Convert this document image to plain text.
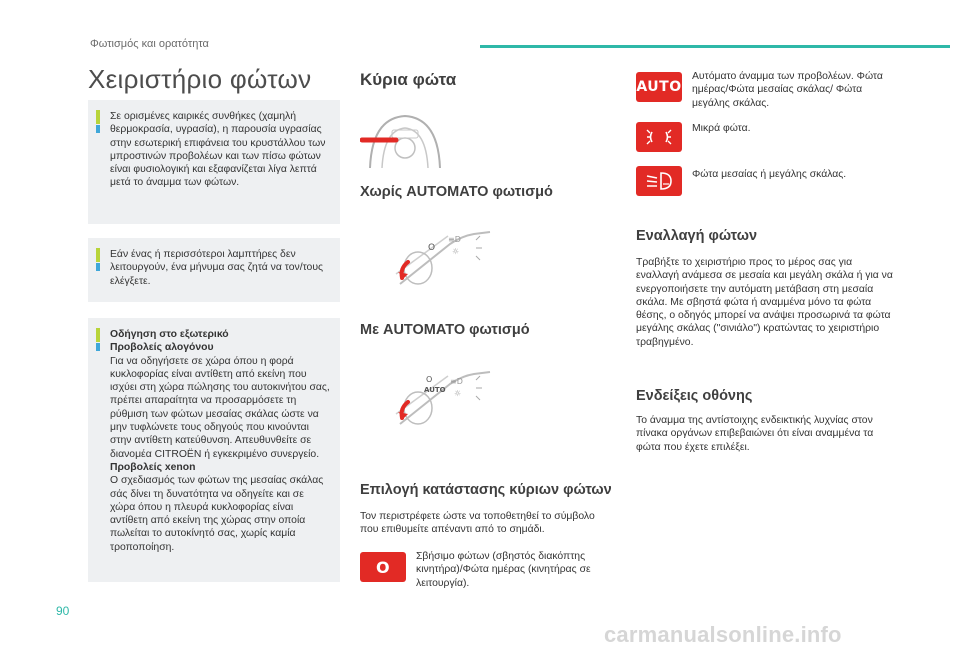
Φωτισμός και ορατότητα
Χειριστήριο φώτων

Σε ορισμένες καιρικές συνθήκες (χαμηλή θερμοκρασία, υγρασία), η παρουσία υγρασίας στην εσωτερική επιφάνεια του κρυστάλλου των μπροστινών προβολέων και των πίσω φώτων είναι φυσιολογική και εξαφανίζεται λίγα λεπτά μετά το άναμμα των φώτων.

Εάν ένας ή περισσότεροι λαμπτήρες δεν λειτουργούν, ένα μήνυμα σας ζητά να τον/τους ελέγξετε.

Οδήγηση στο εξωτερικό

Προβολείς αλογόνου

Για να οδηγήσετε σε χώρα όπου η φορά κυκλοφορίας είναι αντίθετη από εκείνη που ισχύει στη χώρα πώλησης του αυτοκινήτου σας, πρέπει απαραίτητα να προσαρμόσετε τη ρύθμιση των φώτων μεσαίας σκάλας ώστε να μην τυφλώνετε τους οδηγούς που κινούνται στην αντίθετη κατεύθυνση. Απευθυνθείτε σε διανομέα CITROËN ή εγκεκριμένο συνεργείο.

Προβολείς xenon

Ο σχεδιασμός των φώτων της μεσαίας σκάλας σάς δίνει τη δυνατότητα να οδηγείτε και σε χώρα όπου η πλευρά κυκλοφορίας είναι αντίθετη από εκείνη της χώρας στην οποία πωλείται το αυτοκίνητό σας, χωρίς καμία τροποποίηση.

Κύρια φώτα
Χωρίς AUTOMATO φωτισμό
O
≡D
☼
Με AUTOMATO φωτισμό
O
AUTO
≡D
☼
Επιλογή κατάστασης κύριων φώτων
Τον περιστρέφετε ώστε να τοποθετηθεί το σύμβολο που επιθυμείτε απέναντι από το σημάδι.
O
Σβήσιμο φώτων (σβηστός διακόπτης κινητήρα)/Φώτα ημέρας (κινητήρας σε λειτουργία).
AUTO
Αυτόματο άναμμα των προβολέων. Φώτα ημέρας/Φώτα μεσαίας σκάλας/ Φώτα μεγάλης σκάλας.
Μικρά φώτα.
Φώτα μεσαίας ή μεγάλης σκάλας.
Εναλλαγή φώτων
Τραβήξτε το χειριστήριο προς το μέρος σας για εναλλαγή ανάμεσα σε μεσαία και μεγάλη σκάλα ή για να ενεργοποιήσετε την αυτόματη μετάβαση στη μεσαία σκάλα. Με σβηστά φώτα ή αναμμένα μόνο τα φώτα θέσης, ο οδηγός μπορεί να ανάψει προσωρινά τα φώτα μεγάλης σκάλας ("σινιάλο") κρατώντας το χειριστήριο τραβηγμένο.
Ενδείξεις οθόνης
Το άναμμα της αντίστοιχης ενδεικτικής λυχνίας στον πίνακα οργάνων επιβεβαιώνει ότι είναι αναμμένα τα φώτα που έχετε επιλέξει.
90
carmanualsonline.info
